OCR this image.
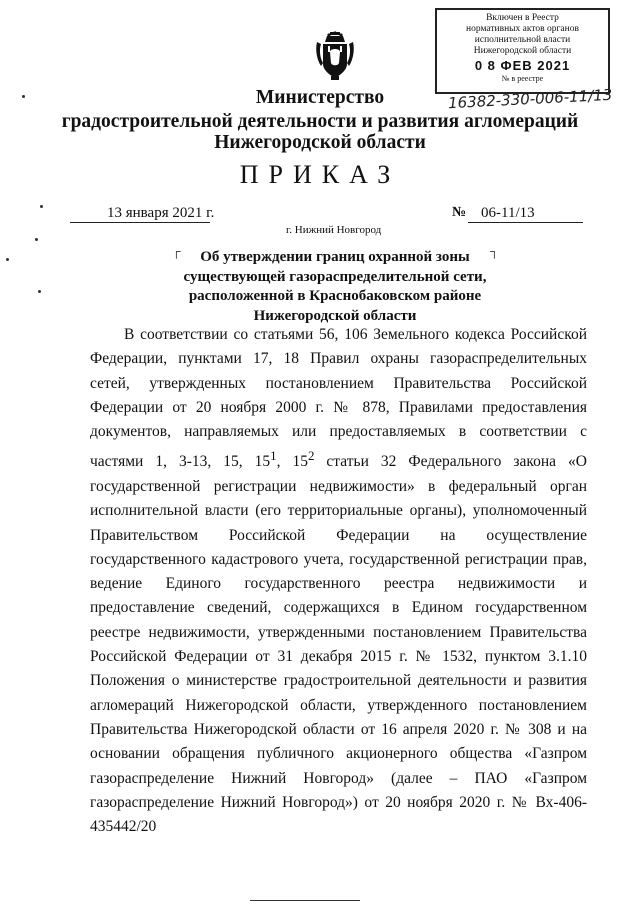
Включен в Реестр
нормативных актов органов
исполнительной власти
Нижегородской области
0 8 ФЕВ 2021
№ в реестре
16382-330-006-11/13
Министерство
градостроительной деятельности и развития агломераций
Нижегородской области
ПРИКАЗ
13 января 2021 г.	№ 06-11/13
г. Нижний Новгород
┌	┐
Об утверждении границ охранной зоны существующей газораспределительной сети, расположенной в Краснобаковском районе Нижегородской области

В соответствии со статьями 56, 106 Земельного кодекса Российской Федерации, пунктами 17, 18 Правил охраны газораспределительных сетей, утвержденных постановлением Правительства Российской Федерации от 20 ноября 2000 г. № 878, Правилами предоставления документов, направляемых или предоставляемых в соответствии с частями 1, 3-13, 15, $15^1$, $15^2$ статьи 32 Федерального закона «О государственной регистрации недвижимости» в федеральный орган исполнительной власти (его территориальные органы), уполномоченный Правительством Российской Федерации на осуществление государственного кадастрового учета, государственной регистрации прав, ведение Единого государственного реестра недвижимости и предоставление сведений, содержащихся в Едином государственном реестре недвижимости, утвержденными постановлением Правительства Российской Федерации от 31 декабря 2015 г. № 1532, пунктом 3.1.10 Положения о министерстве градостроительной деятельности и развития агломераций Нижегородской области, утвержденного постановлением Правительства Нижегородской области от 16 апреля 2020 г. № 308 и на основании обращения публичного акционерного общества «Газпром газораспределение Нижний Новгород» (далее – ПАО «Газпром газораспределение Нижний Новгород») от 20 ноября 2020 г. № Вх-406-435442/20
